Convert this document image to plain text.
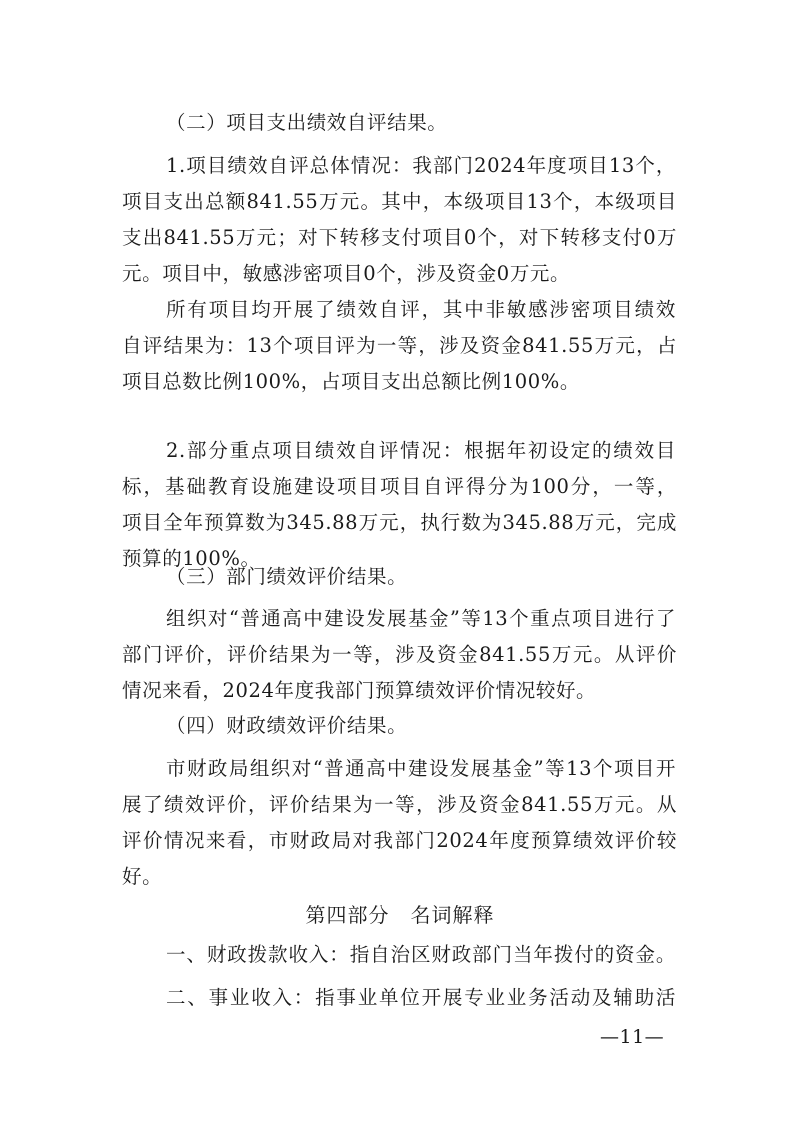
（二）项目支出绩效自评结果。
1.项目绩效自评总体情况：我部门2024年度项目13个，
项目支出总额841.55万元。其中，本级项目13个，本级项目
支出841.55万元；对下转移支付项目0个，对下转移支付0万
元。项目中，敏感涉密项目0个，涉及资金0万元。
所有项目均开展了绩效自评，其中非敏感涉密项目绩效
自评结果为：13个项目评为一等，涉及资金841.55万元，占
项目总数比例100%，占项目支出总额比例100%。
2.部分重点项目绩效自评情况：根据年初设定的绩效目
标，基础教育设施建设项目项目自评得分为100分，一等，
项目全年预算数为345.88万元，执行数为345.88万元，完成
预算的100%。
（三）部门绩效评价结果。
组织对“普通高中建设发展基金”等13个重点项目进行了
部门评价，评价结果为一等，涉及资金841.55万元。从评价
情况来看，2024年度我部门预算绩效评价情况较好。
（四）财政绩效评价结果。
市财政局组织对“普通高中建设发展基金”等13个项目开
展了绩效评价，评价结果为一等，涉及资金841.55万元。从
评价情况来看，市财政局对我部门2024年度预算绩效评价较
好。
第四部分　名词解释
一、财政拨款收入：指自治区财政部门当年拨付的资金。
二、事业收入：指事业单位开展专业业务活动及辅助活
—11—
